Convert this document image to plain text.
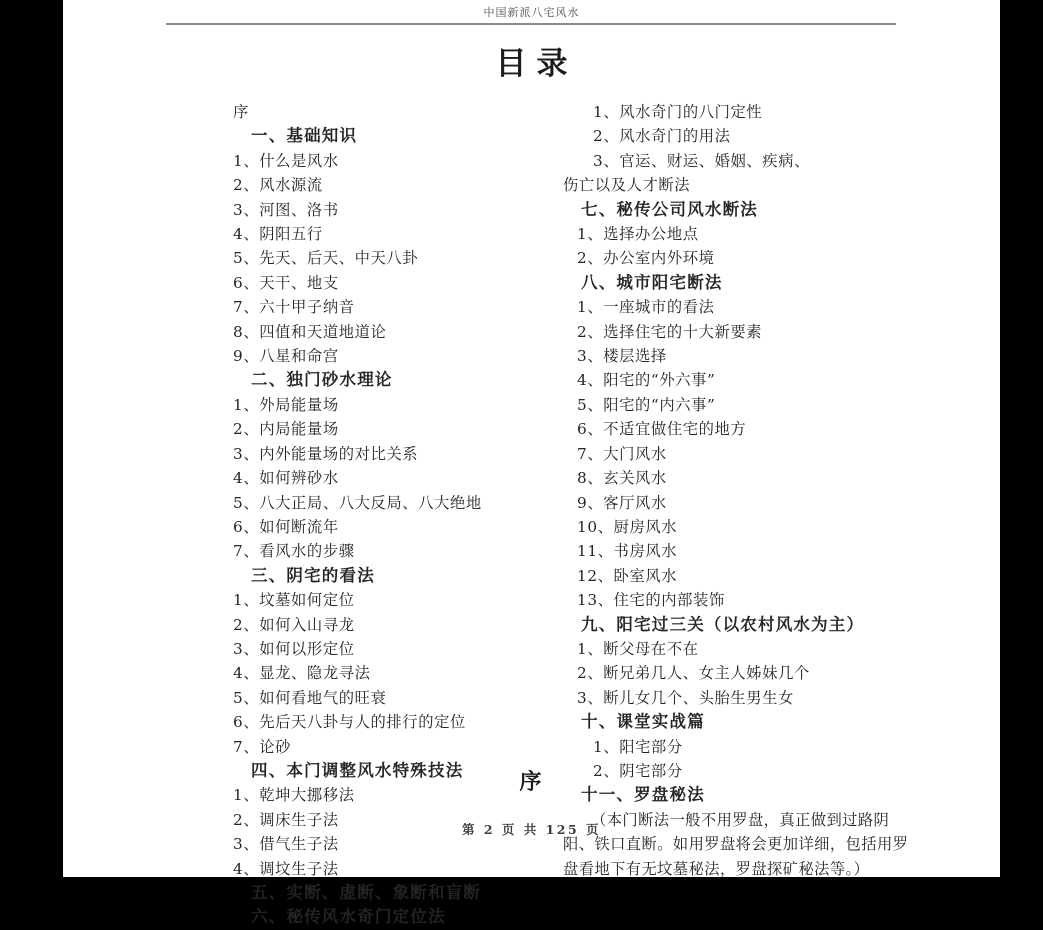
中国新派八宅风水
目录
序
一、基础知识
1、什么是风水
2、风水源流
3、河图、洛书
4、阴阳五行
5、先天、后天、中天八卦
6、天干、地支
7、六十甲子纳音
8、四值和天道地道论
9、八星和命宫
二、独门砂水理论
1、外局能量场
2、内局能量场
3、内外能量场的对比关系
4、如何辨砂水
5、八大正局、八大反局、八大绝地
6、如何断流年
7、看风水的步骤
三、阴宅的看法
1、坟墓如何定位
2、如何入山寻龙
3、如何以形定位
4、显龙、隐龙寻法
5、如何看地气的旺衰
6、先后天八卦与人的排行的定位
7、论砂
四、本门调整风水特殊技法
1、乾坤大挪移法
2、调床生子法
3、借气生子法
4、调坟生子法
五、实断、虚断、象断和盲断
六、秘传风水奇门定位法
1、风水奇门的八门定性
2、风水奇门的用法
3、官运、财运、婚姻、疾病、
伤亡以及人才断法
七、秘传公司风水断法
1、选择办公地点
2、办公室内外环境
八、城市阳宅断法
1、一座城市的看法
2、选择住宅的十大新要素
3、楼层选择
4、阳宅的“外六事”
5、阳宅的“内六事”
6、不适宜做住宅的地方
7、大门风水
8、玄关风水
9、客厅风水
10、厨房风水
11、书房风水
12、卧室风水
13、住宅的内部装饰
九、阳宅过三关（以农村风水为主）
1、断父母在不在
2、断兄弟几人、女主人姊妹几个
3、断儿女几个、头胎生男生女
十、课堂实战篇
1、阳宅部分
2、阴宅部分
十一、罗盘秘法
（本门断法一般不用罗盘，真正做到过路阴阳、铁口直断。如用罗盘将会更加详细，包括用罗盘看地下有无坟墓秘法，罗盘探矿秘法等。）
序
第 2 页 共 125 页
